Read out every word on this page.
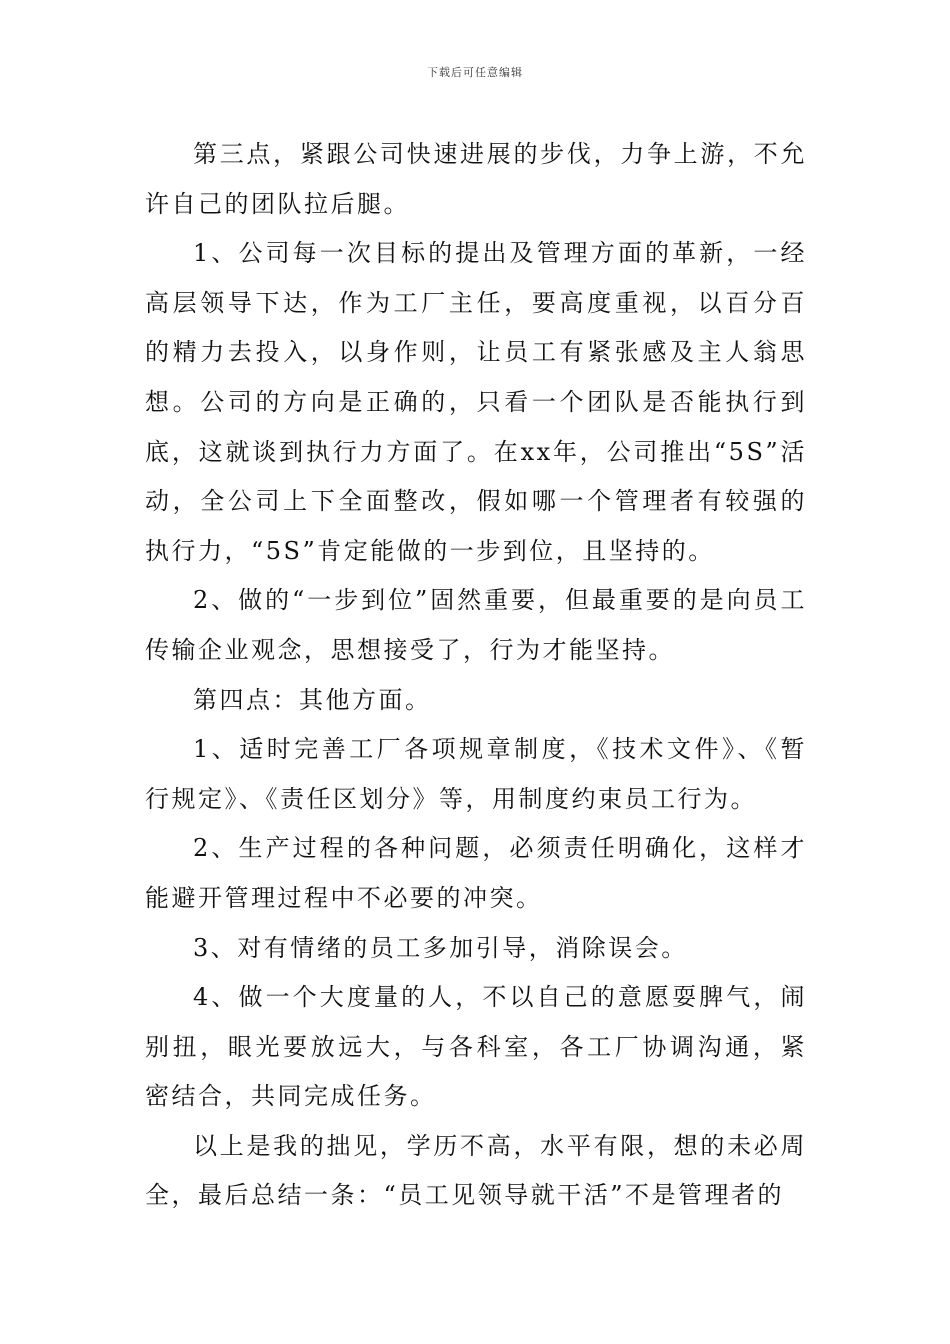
下载后可任意编辑

第三点，紧跟公司快速进展的步伐，力争上游，不允许自己的团队拉后腿。

1、公司每一次目标的提出及管理方面的革新，一经高层领导下达，作为工厂主任，要高度重视，以百分百的精力去投入，以身作则，让员工有紧张感及主人翁思想。公司的方向是正确的，只看一个团队是否能执行到底，这就谈到执行力方面了。在xx年，公司推出“5S”活动，全公司上下全面整改，假如哪一个管理者有较强的执行力，“5S”肯定能做的一步到位，且坚持的。

2、做的“一步到位”固然重要，但最重要的是向员工传输企业观念，思想接受了，行为才能坚持。

第四点：其他方面。

1、适时完善工厂各项规章制度，《技术文件》、《暂行规定》、《责任区划分》等，用制度约束员工行为。

2、生产过程的各种问题，必须责任明确化，这样才能避开管理过程中不必要的冲突。

3、对有情绪的员工多加引导，消除误会。

4、做一个大度量的人，不以自己的意愿耍脾气，闹别扭，眼光要放远大，与各科室，各工厂协调沟通，紧密结合，共同完成任务。

以上是我的拙见，学历不高，水平有限，想的未必周全，最后总结一条：“员工见领导就干活”不是管理者的
